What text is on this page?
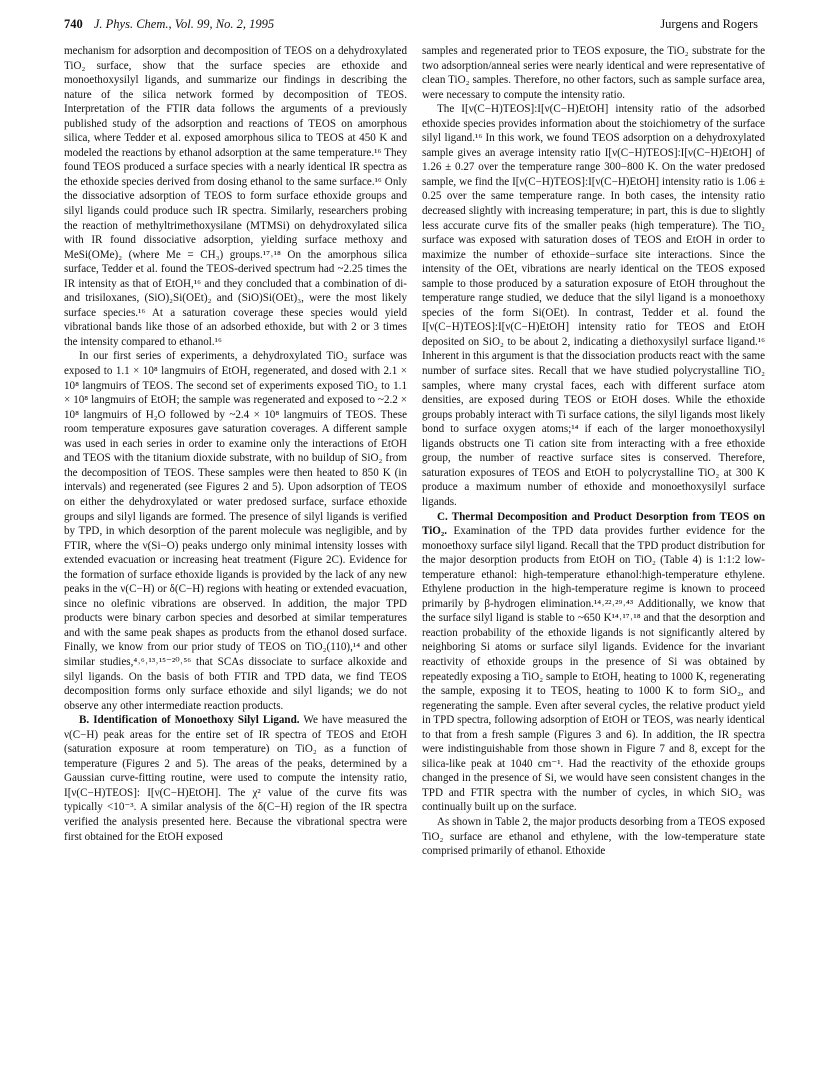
740 J. Phys. Chem., Vol. 99, No. 2, 1995	Jurgens and Rogers

mechanism for adsorption and decomposition of TEOS on a dehydroxylated TiO₂ surface, show that the surface species are ethoxide and monoethoxysilyl ligands, and summarize our findings in describing the nature of the silica network formed by decomposition of TEOS. Interpretation of the FTIR data follows the arguments of a previously published study of the adsorption and reactions of TEOS on amorphous silica, where Tedder et al. exposed amorphous silica to TEOS at 450 K and modeled the reactions by ethanol adsorption at the same temperature.¹⁶ They found TEOS produced a surface species with a nearly identical IR spectra as the ethoxide species derived from dosing ethanol to the same surface.¹⁶ Only the dissociative adsorption of TEOS to form surface ethoxide groups and silyl ligands could produce such IR spectra. Similarly, researchers probing the reaction of methyltrimethoxysilane (MTMSi) on dehydroxylated silica with IR found dissociative adsorption, yielding surface methoxy and MeSi(OMe)₂ (where Me = CH₃) groups.¹⁷˒¹⁸ On the amorphous silica surface, Tedder et al. found the TEOS-derived spectrum had ~2.25 times the IR intensity as that of EtOH,¹⁶ and they concluded that a combination of di- and trisiloxanes, (SiO)₂Si(OEt)₂ and (SiO)Si(OEt)₃, were the most likely surface species.¹⁶ At a saturation coverage these species would yield vibrational bands like those of an adsorbed ethoxide, but with 2 or 3 times the intensity compared to ethanol.¹⁶

In our first series of experiments, a dehydroxylated TiO₂ surface was exposed to 1.1 × 10⁸ langmuirs of EtOH, regenerated, and dosed with 2.1 × 10⁸ langmuirs of TEOS. The second set of experiments exposed TiO₂ to 1.1 × 10⁸ langmuirs of EtOH; the sample was regenerated and exposed to ~2.2 × 10⁸ langmuirs of H₂O followed by ~2.4 × 10⁸ langmuirs of TEOS. These room temperature exposures gave saturation coverages. A different sample was used in each series in order to examine only the interactions of EtOH and TEOS with the titanium dioxide substrate, with no buildup of SiO₂ from the decomposition of TEOS. These samples were then heated to 850 K (in intervals) and regenerated (see Figures 2 and 5). Upon adsorption of TEOS on either the dehydroxylated or water predosed surface, surface ethoxide groups and silyl ligands are formed. The presence of silyl ligands is verified by TPD, in which desorption of the parent molecule was negligible, and by FTIR, where the ν(Si−O) peaks undergo only minimal intensity losses with extended evacuation or increasing heat treatment (Figure 2C). Evidence for the formation of surface ethoxide ligands is provided by the lack of any new peaks in the ν(C−H) or δ(C−H) regions with heating or extended evacuation, since no olefinic vibrations are observed. In addition, the major TPD products were binary carbon species and desorbed at similar temperatures and with the same peak shapes as products from the ethanol dosed surface. Finally, we know from our prior study of TEOS on TiO₂(110),¹⁴ and other similar studies,⁴˒⁶˒¹³˒¹⁵⁻²⁰˒⁵⁶ that SCAs dissociate to surface alkoxide and silyl ligands. On the basis of both FTIR and TPD data, we find TEOS decomposition forms only surface ethoxide and silyl ligands; we do not observe any other intermediate reaction products.

B. Identification of Monoethoxy Silyl Ligand. We have measured the ν(C−H) peak areas for the entire set of IR spectra of TEOS and EtOH (saturation exposure at room temperature) on TiO₂ as a function of temperature (Figures 2 and 5). The areas of the peaks, determined by a Gaussian curve-fitting routine, were used to compute the intensity ratio, I[ν(C−H)TEOS]: I[ν(C−H)EtOH]. The χ² value of the curve fits was typically <10⁻³. A similar analysis of the δ(C−H) region of the IR spectra verified the analysis presented here. Because the vibrational spectra were first obtained for the EtOH exposed

samples and regenerated prior to TEOS exposure, the TiO₂ substrate for the two adsorption/anneal series were nearly identical and were representative of clean TiO₂ samples. Therefore, no other factors, such as sample surface area, were necessary to compute the intensity ratio.

The I[ν(C−H)TEOS]:I[ν(C−H)EtOH] intensity ratio of the adsorbed ethoxide species provides information about the stoichiometry of the surface silyl ligand.¹⁶ In this work, we found TEOS adsorption on a dehydroxylated sample gives an average intensity ratio I[ν(C−H)TEOS]:I[ν(C−H)EtOH] of 1.26 ± 0.27 over the temperature range 300−800 K. On the water predosed sample, we find the I[ν(C−H)TEOS]:I[ν(C−H)EtOH] intensity ratio is 1.06 ± 0.25 over the same temperature range. In both cases, the intensity ratio decreased slightly with increasing temperature; in part, this is due to slightly less accurate curve fits of the smaller peaks (high temperature). The TiO₂ surface was exposed with saturation doses of TEOS and EtOH in order to maximize the number of ethoxide−surface site interactions. Since the intensity of the OEt, vibrations are nearly identical on the TEOS exposed sample to those produced by a saturation exposure of EtOH throughout the temperature range studied, we deduce that the silyl ligand is a monoethoxy species of the form Si(OEt). In contrast, Tedder et al. found the I[ν(C−H)TEOS]:I[ν(C−H)EtOH] intensity ratio for TEOS and EtOH deposited on SiO₂ to be about 2, indicating a diethoxysilyl surface ligand.¹⁶ Inherent in this argument is that the dissociation products react with the same number of surface sites. Recall that we have studied polycrystalline TiO₂ samples, where many crystal faces, each with different surface atom densities, are exposed during TEOS or EtOH doses. While the ethoxide groups probably interact with Ti surface cations, the silyl ligands most likely bond to surface oxygen atoms;¹⁴ if each of the larger monoethoxysilyl ligands obstructs one Ti cation site from interacting with a free ethoxide group, the number of reactive surface sites is conserved. Therefore, saturation exposures of TEOS and EtOH to polycrystalline TiO₂ at 300 K produce a maximum number of ethoxide and monoethoxysilyl surface ligands.

C. Thermal Decomposition and Product Desorption from TEOS on TiO₂. Examination of the TPD data provides further evidence for the monoethoxy surface silyl ligand. Recall that the TPD product distribution for the major desorption products from EtOH on TiO₂ (Table 4) is 1:1:2 low-temperature ethanol: high-temperature ethanol:high-temperature ethylene. Ethylene production in the high-temperature regime is known to proceed primarily by β-hydrogen elimination.¹⁴˒²²˒²⁹˒⁴³ Additionally, we know that the surface silyl ligand is stable to ~650 K¹⁴˒¹⁷˒¹⁸ and that the desorption and reaction probability of the ethoxide ligands is not significantly altered by neighboring Si atoms or surface silyl ligands. Evidence for the invariant reactivity of ethoxide groups in the presence of Si was obtained by repeatedly exposing a TiO₂ sample to EtOH, heating to 1000 K, regenerating the sample, exposing it to TEOS, heating to 1000 K to form SiO₂, and regenerating the sample. Even after several cycles, the relative product yield in TPD spectra, following adsorption of EtOH or TEOS, was nearly identical to that from a fresh sample (Figures 3 and 6). In addition, the IR spectra were indistinguishable from those shown in Figure 7 and 8, except for the silica-like peak at 1040 cm⁻¹. Had the reactivity of the ethoxide groups changed in the presence of Si, we would have seen consistent changes in the TPD and FTIR spectra with the number of cycles, in which SiO₂ was continually built up on the surface.

As shown in Table 2, the major products desorbing from a TEOS exposed TiO₂ surface are ethanol and ethylene, with the low-temperature state comprised primarily of ethanol. Ethoxide
